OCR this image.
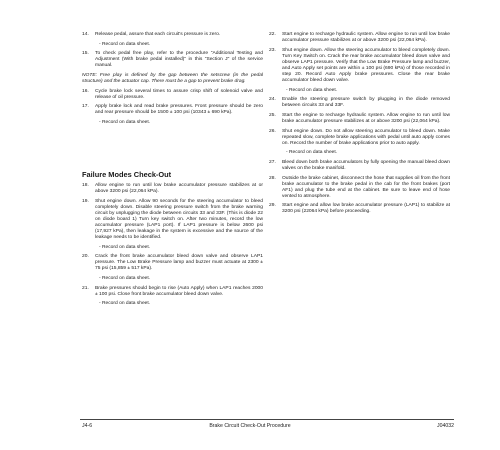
14.	Release pedal, assure that each circuit's pressure is zero.
- Record on data sheet.
15.	To check pedal free play, refer to the procedure "Additional Testing and Adjustment (With brake pedal installed)" in this "Section J" of the service manual.
NOTE: Free play is defined by the gap between the setscrew (in the pedal structure) and the actuator cap. There must be a gap to prevent brake drag.
16.	Cycle brake lock several times to assure crisp shift of solenoid valve and release of oil pressure.
17.	Apply brake lock and read brake pressures. Front pressure should be zero and rear pressure should be 1500 ± 100 psi (10343 ± 690 kPa).
- Record on data sheet.
Failure Modes Check-Out
18.	Allow engine to run until low brake accumulator pressure stabilizes at or above 3200 psi (22,064 kPa).
19.	Shut engine down. Allow 90 seconds for the steering accumulator to bleed completely down. Disable steering pressure switch from the brake warning circuit by unplugging the diode between circuits 33 and 33F. (This is diode 22 on diode board 1) Turn key switch on. After two minutes, record the low accumulator pressure (LAP1 port). If LAP1 pressure is below 2600 psi (17,927 kPa), then leakage in the system is excessive and the source of the leakage needs to be identified.
- Record on data sheet.
20.	Crack the front brake accumulator bleed down valve and observe LAP1 pressure. The Low Brake Pressure lamp and buzzer must actuate at 2300 ± 75 psi (15,859 ± 517 kPa).
- Record on data sheet.
21.	Brake pressures should begin to rise (Auto Apply) when LAP1 reaches 2000 ± 100 psi. Close front brake accumulator bleed down valve.
- Record on data sheet.
22.	Start engine to recharge hydraulic system. Allow engine to run until low brake accumulator pressure stabilizes at or above 3200 psi (22,064 kPa).
23.	Shut engine down. Allow the steering accumulator to bleed completely down. Turn Key Switch on. Crack the rear brake accumulator bleed down valve and observe LAP1 pressure. Verify that the Low Brake Pressure lamp and buzzer, and Auto Apply set points are within ± 100 psi (690 kPa) of those recorded in step 20. Record Auto Apply brake pressures. Close the rear brake accumulator bleed down valve.
- Record on data sheet.
24.	Enable the steering pressure switch by plugging in the diode removed between circuits 33 and 33F.
25.	Start the engine to recharge hydraulic system. Allow engine to run until low brake accumulator pressure stabilizes at or above 3200 psi (22,064 kPa).
26.	Shut engine down. Do not allow steering accumulator to bleed down. Make repeated slow, complete brake applications with pedal until auto apply comes on. Record the number of brake applications prior to auto apply.
- Record on data sheet.
27.	Bleed down both brake accumulators by fully opening the manual bleed down valves on the brake manifold.
28.	Outside the brake cabinet, disconnect the hose that supplies oil from the front brake accumulator to the brake pedal in the cab for the front brakes (port AF1) and plug the tube end at the cabinet. Be sure to leave end of hose vented to atmosphere.
29.	Start engine and allow low brake accumulator pressure (LAP1) to stabilize at 3200 psi (22064 kPa) before proceeding.
J4-6	Brake Circuit Check-Out Procedure	J04032
